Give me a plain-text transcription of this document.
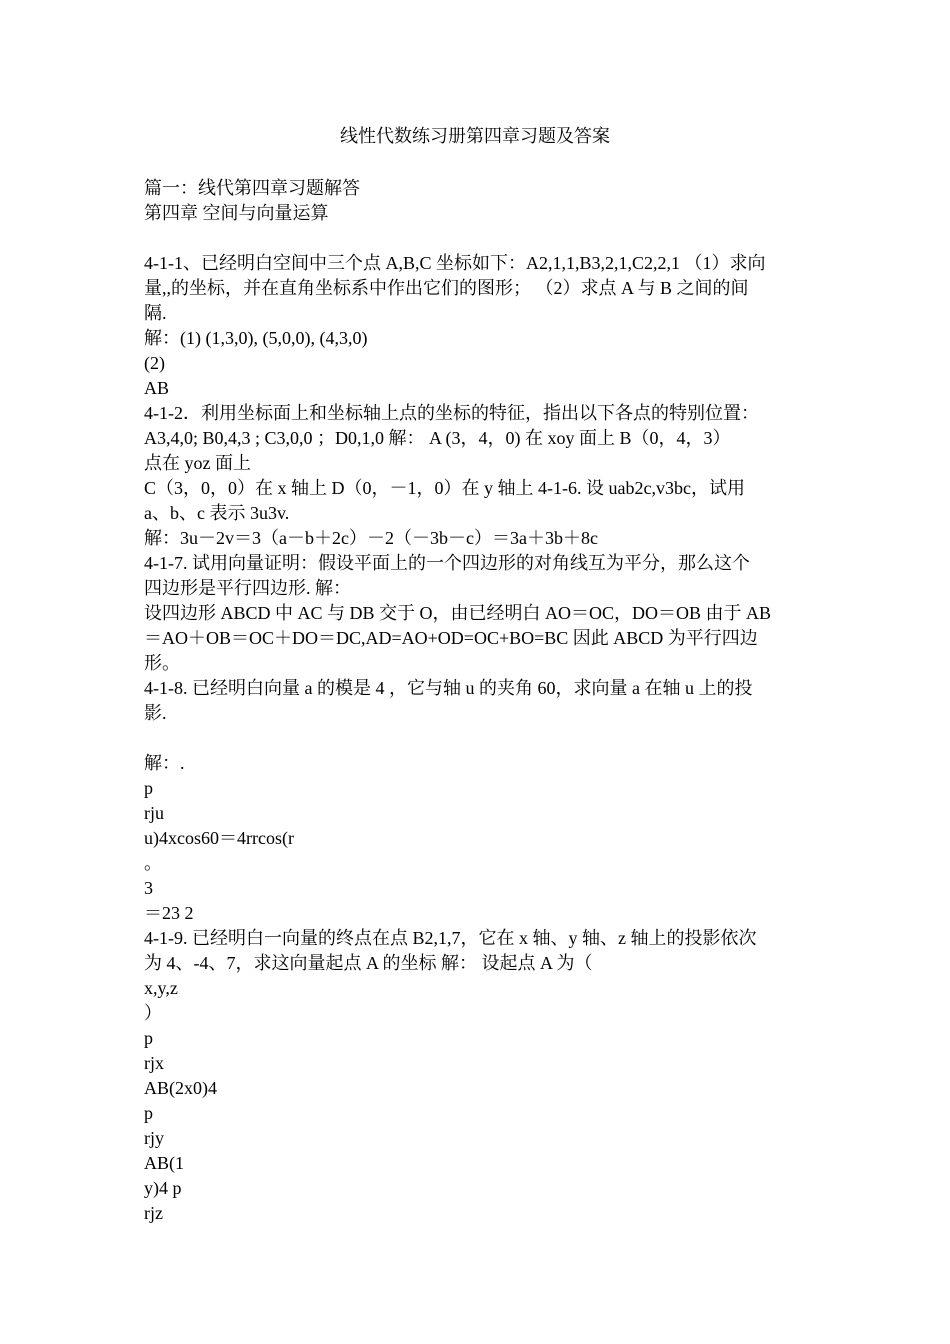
线性代数练习册第四章习题及答案
篇一：线代第四章习题解答
第四章 空间与向量运算
4-1-1、已经明白空间中三个点 A,B,C 坐标如下：A2,1,1,B3,2,1,C2,2,1 （1）求向
量,,的坐标，并在直角坐标系中作出它们的图形； （2）求点 A 与 B 之间的间
隔.
解：(1) (1,3,0), (5,0,0), (4,3,0)
(2)
AB
4-1-2．利用坐标面上和坐标轴上点的坐标的特征，指出以下各点的特别位置：
A3,4,0; B0,4,3 ; C3,0,0 ；D0,1,0 解： A (3，4，0) 在 xoy 面上 B（0，4，3）
点在 yoz 面上
C（3，0，0）在 x 轴上 D（0，－1，0）在 y 轴上 4-1-6. 设 uab2c,v3bc，试用
a、b、c 表示 3u3v.
解：3u－2v＝3（a－b＋2c）－2（－3b－c）＝3a＋3b＋8c
4-1-7. 试用向量证明：假设平面上的一个四边形的对角线互为平分，那么这个
四边形是平行四边形. 解：
设四边形 ABCD 中 AC 与 DB 交于 O，由已经明白 AO＝OC，DO＝OB 由于 AB
＝AO＋OB＝OC＋DO＝DC,AD=AO+OD=OC+BO=BC 因此 ABCD 为平行四边
形。
4-1-8. 已经明白向量 a 的模是 4 ，它与轴 u 的夹角 60，求向量 a 在轴 u 上的投
影.
解：.
p
rju
u)4xcos60＝4rrcos(r
。
3
＝23 2
4-1-9. 已经明白一向量的终点在点 B2,1,7，它在 x 轴、y 轴、z 轴上的投影依次
为 4、-4、7，求这向量起点 A 的坐标 解： 设起点 A 为（
x,y,z
）
p
rjx
AB(2x0)4
p
rjy
AB(1
y)4 p
rjz
